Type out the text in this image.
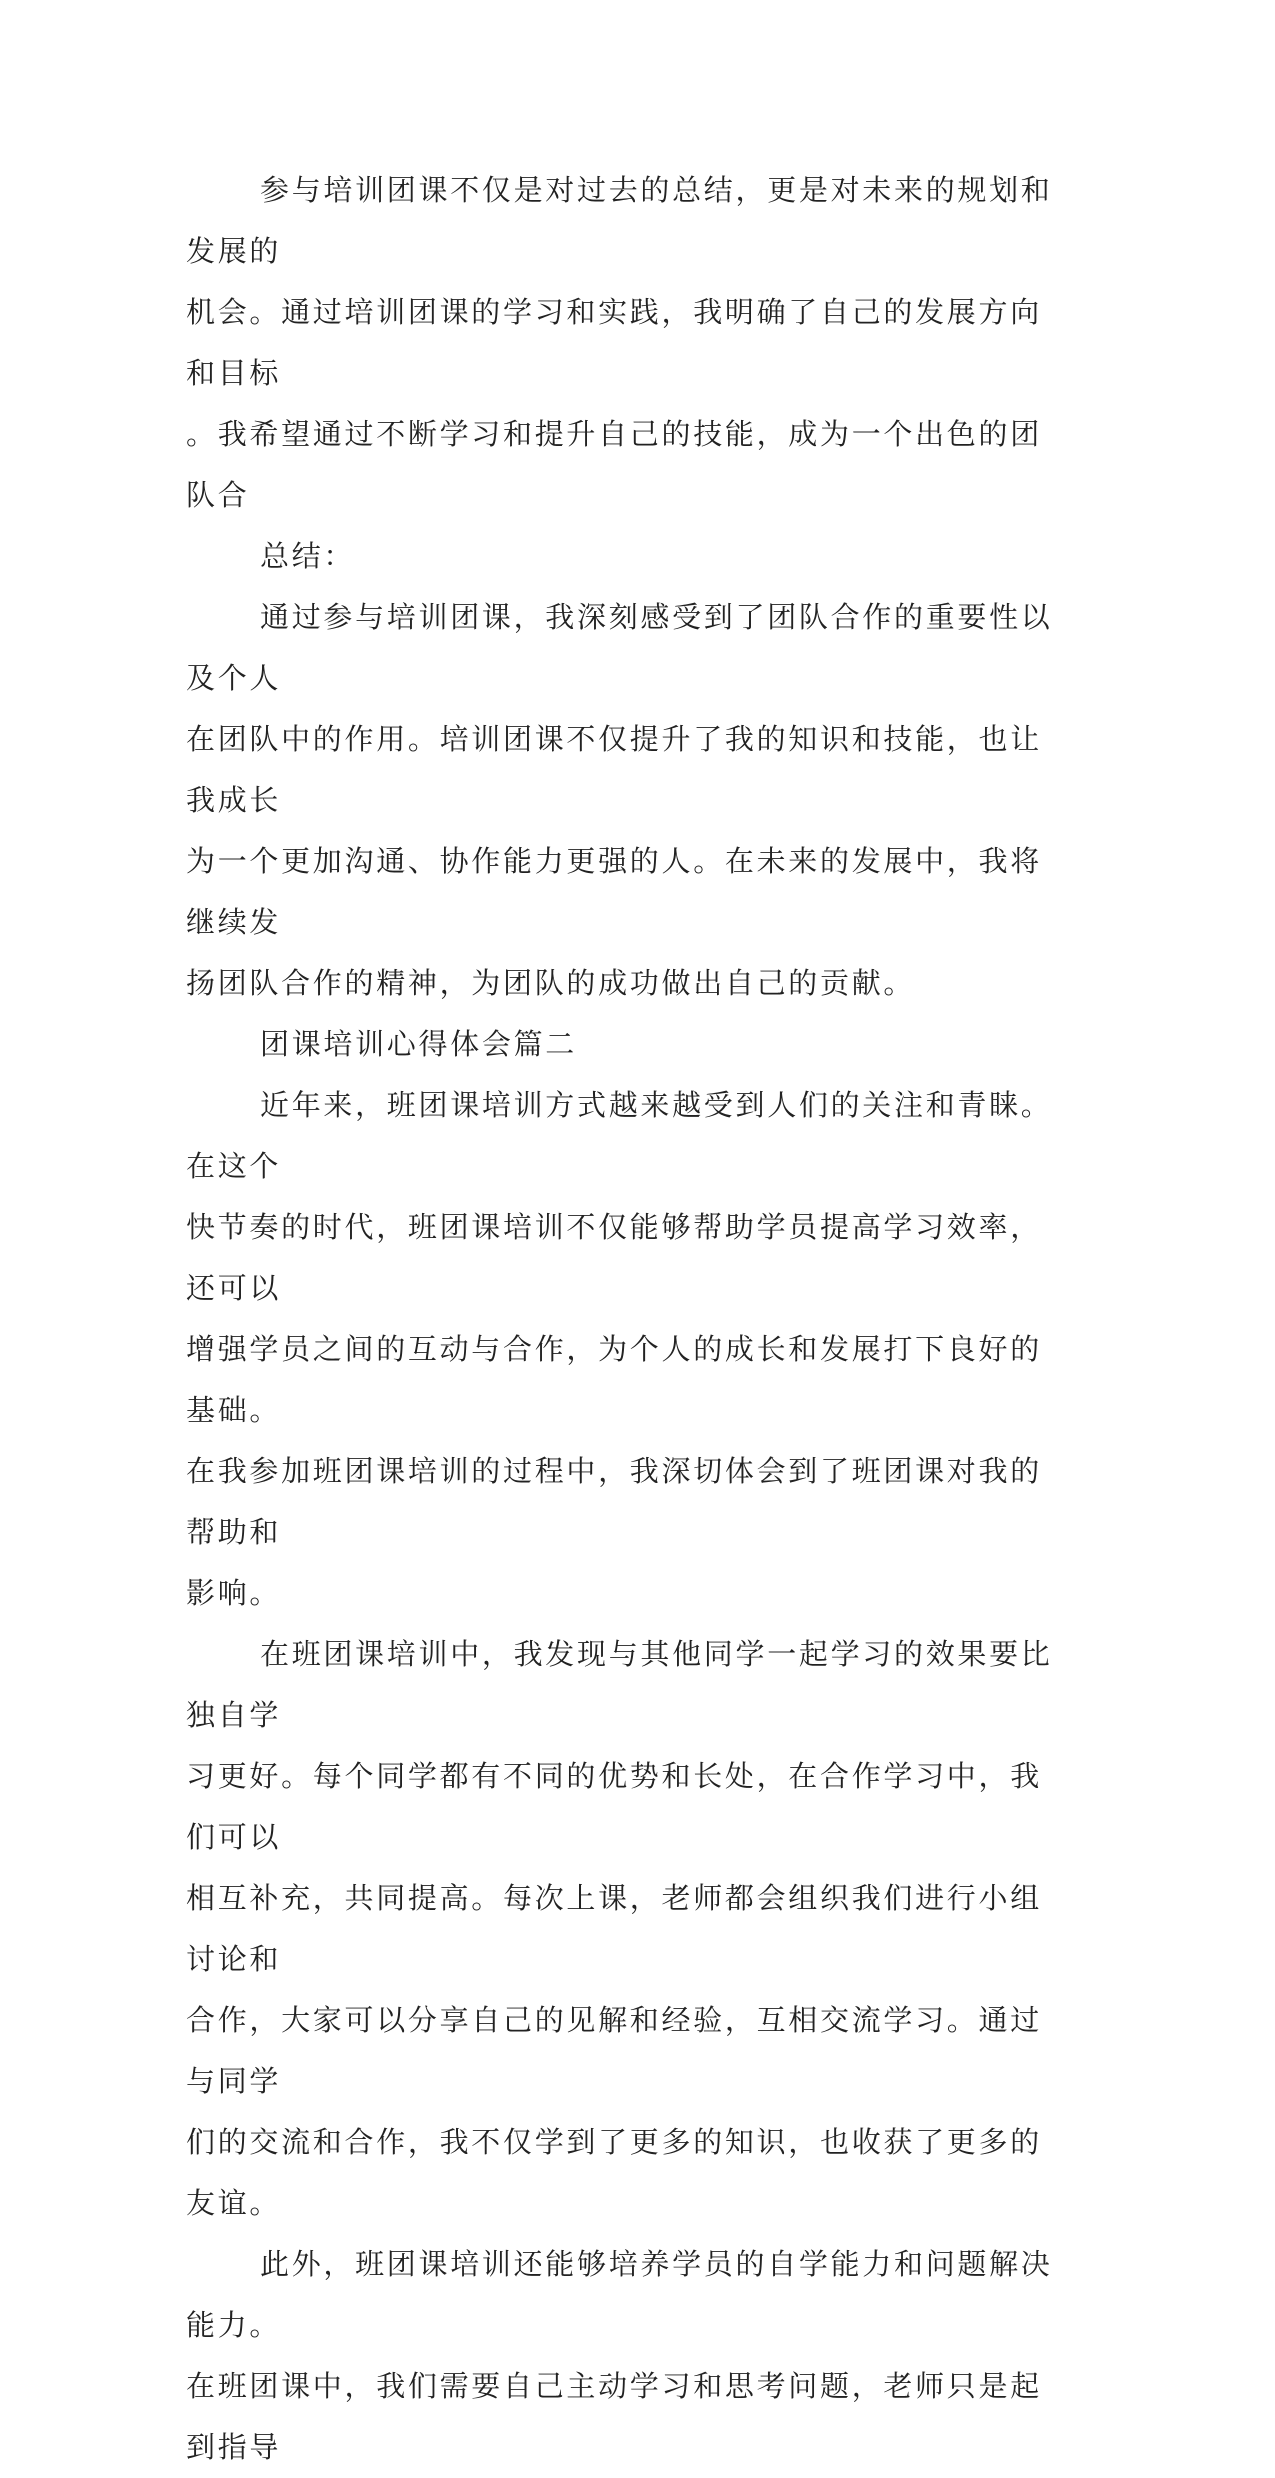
参与培训团课不仅是对过去的总结，更是对未来的规划和发展的
机会。通过培训团课的学习和实践，我明确了自己的发展方向和目标
。我希望通过不断学习和提升自己的技能，成为一个出色的团队合

总结：

通过参与培训团课，我深刻感受到了团队合作的重要性以及个人
在团队中的作用。培训团课不仅提升了我的知识和技能，也让我成长
为一个更加沟通、协作能力更强的人。在未来的发展中，我将继续发
扬团队合作的精神，为团队的成功做出自己的贡献。

团课培训心得体会篇二

近年来，班团课培训方式越来越受到人们的关注和青睐。在这个
快节奏的时代，班团课培训不仅能够帮助学员提高学习效率，还可以
增强学员之间的互动与合作，为个人的成长和发展打下良好的基础。
在我参加班团课培训的过程中，我深切体会到了班团课对我的帮助和
影响。

在班团课培训中，我发现与其他同学一起学习的效果要比独自学
习更好。每个同学都有不同的优势和长处，在合作学习中，我们可以
相互补充，共同提高。每次上课，老师都会组织我们进行小组讨论和
合作，大家可以分享自己的见解和经验，互相交流学习。通过与同学
们的交流和合作，我不仅学到了更多的知识，也收获了更多的友谊。

此外，班团课培训还能够培养学员的自学能力和问题解决能力。
在班团课中，我们需要自己主动学习和思考问题，老师只是起到指导
